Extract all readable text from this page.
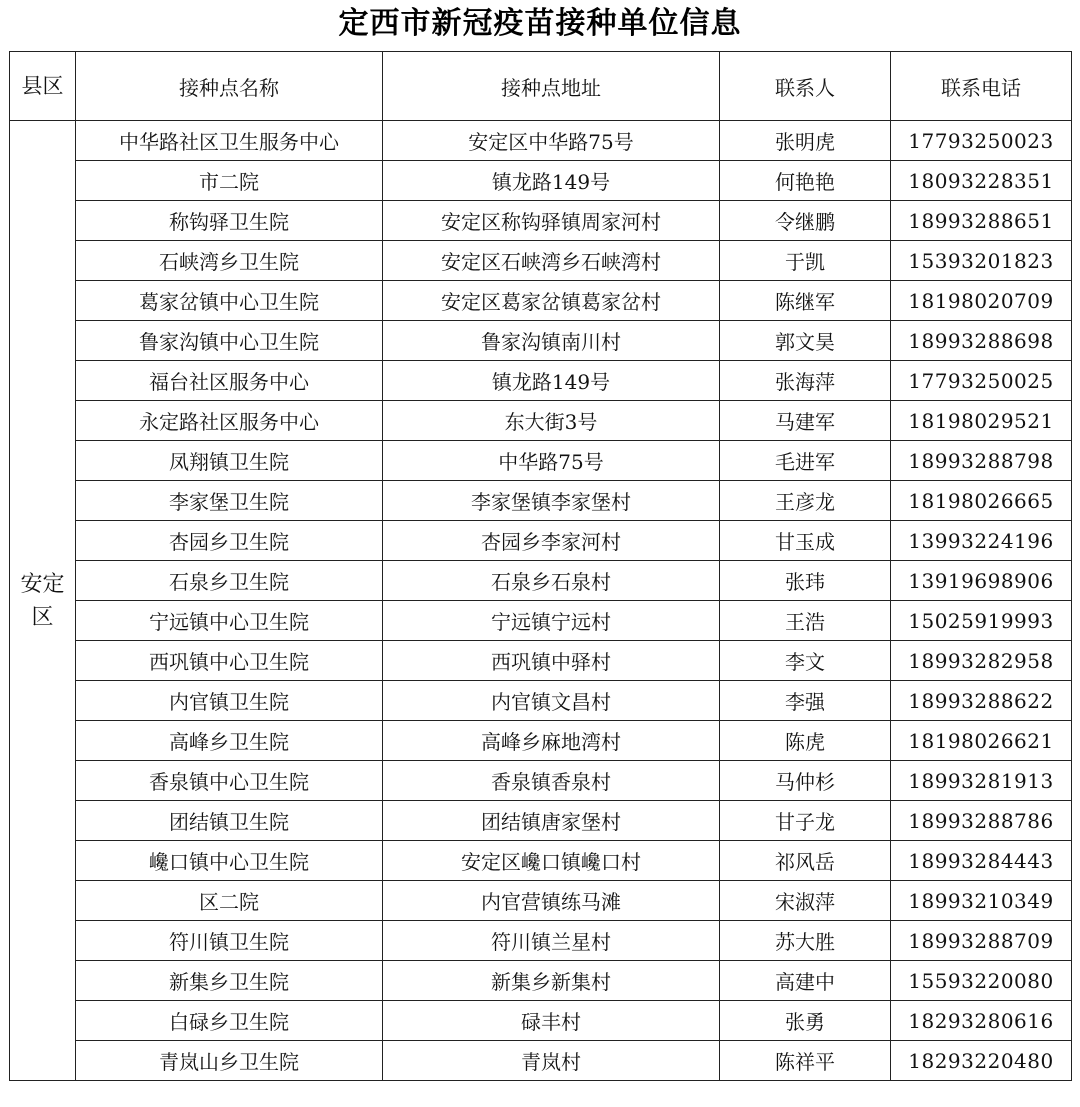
定西市新冠疫苗接种单位信息
县区	接种点名称	接种点地址	联系人	联系电话
安定区	中华路社区卫生服务中心	安定区中华路75号	张明虎	17793250023
	市二院	镇龙路149号	何艳艳	18093228351
	称钩驿卫生院	安定区称钩驿镇周家河村	令继鹏	18993288651
	石峡湾乡卫生院	安定区石峡湾乡石峡湾村	于凯	15393201823
	葛家岔镇中心卫生院	安定区葛家岔镇葛家岔村	陈继军	18198020709
	鲁家沟镇中心卫生院	鲁家沟镇南川村	郭文昊	18993288698
	福台社区服务中心	镇龙路149号	张海萍	17793250025
	永定路社区服务中心	东大街3号	马建军	18198029521
	凤翔镇卫生院	中华路75号	毛进军	18993288798
	李家堡卫生院	李家堡镇李家堡村	王彦龙	18198026665
	杏园乡卫生院	杏园乡李家河村	甘玉成	13993224196
	石泉乡卫生院	石泉乡石泉村	张玮	13919698906
	宁远镇中心卫生院	宁远镇宁远村	王浩	15025919993
	西巩镇中心卫生院	西巩镇中驿村	李文	18993282958
	内官镇卫生院	内官镇文昌村	李强	18993288622
	高峰乡卫生院	高峰乡麻地湾村	陈虎	18198026621
	香泉镇中心卫生院	香泉镇香泉村	马仲杉	18993281913
	团结镇卫生院	团结镇唐家堡村	甘子龙	18993288786
	巉口镇中心卫生院	安定区巉口镇巉口村	祁风岳	18993284443
	区二院	内官营镇练马滩	宋淑萍	18993210349
	符川镇卫生院	符川镇兰星村	苏大胜	18993288709
	新集乡卫生院	新集乡新集村	高建中	15593220080
	白碌乡卫生院	碌丰村	张勇	18293280616
	青岚山乡卫生院	青岚村	陈祥平	18293220480
